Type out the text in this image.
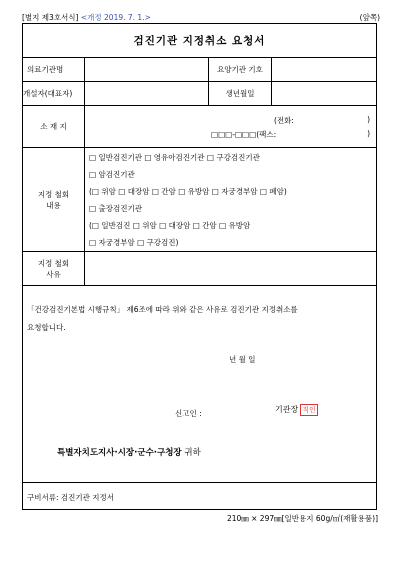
[별지 제3호서식] <개정 2019. 7. 1.>	(앞쪽)
검진기관 지정취소 요청서
의료기관명	요양기관 기호
개설자(대표자)	생년월일
소 재 지
(전화:	)
□□□-□□□(팩스:	)
지정 철회
내용
□ 일반검진기관 □ 영유아검진기관 □ 구강검진기관
□ 암검진기관
(□ 위암 □ 대장암 □ 간암 □ 유방암 □ 자궁경부암 □ 폐암)
□ 출장검진기관
(□ 일반검진 □ 위암 □ 대장암 □ 간암 □ 유방암
□ 자궁경부암 □ 구강검진)
지정 철회
사유
「건강검진기본법 시행규칙」 제6조에 따라 위와 같은 사유로 검진기관 지정취소를
요청합니다.
년 월 일
신고인 :	기관장 직인
특별자치도지사·시장·군수·구청장 귀하
구비서류:
검진기관 지정서
210㎜ × 297㎜[일반용지 60g/㎡(재활용품)]
